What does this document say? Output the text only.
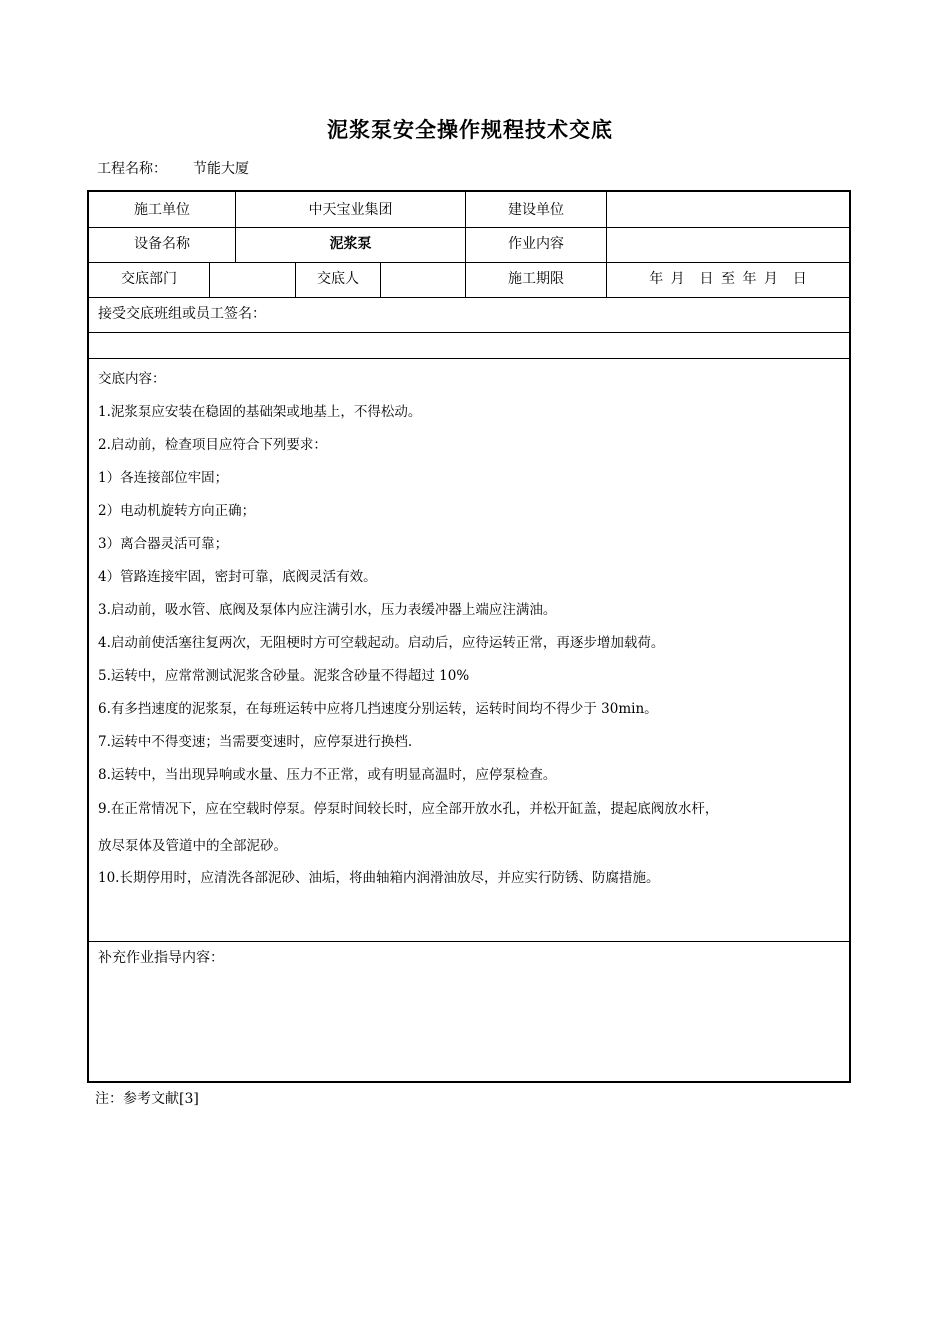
泥浆泵安全操作规程技术交底
工程名称： 节能大厦
施工单位	中天宝业集团	建设单位
设备名称	泥浆泵	作业内容
交底部门	交底人	施工期限	年 月  日 至 年 月  日
接受交底班组或员工签名：
交底内容：
1.泥浆泵应安装在稳固的基础架或地基上，不得松动。
2.启动前，检查项目应符合下列要求：
1）各连接部位牢固；
2）电动机旋转方向正确；
3）离合器灵活可靠；
4）管路连接牢固，密封可靠，底阀灵活有效。
3.启动前，吸水管、底阀及泵体内应注满引水，压力表缓冲器上端应注满油。
4.启动前使活塞往复两次，无阻梗时方可空载起动。启动后，应待运转正常，再逐步增加载荷。
5.运转中，应常常测试泥浆含砂量。泥浆含砂量不得超过 10%
6.有多挡速度的泥浆泵，在每班运转中应将几挡速度分别运转，运转时间均不得少于 30min。
7.运转中不得变速；当需要变速时，应停泵进行换档.
8.运转中，当出现异响或水量、压力不正常，或有明显高温时，应停泵检查。
9.在正常情况下，应在空载时停泵。停泵时间较长时，应全部开放水孔，并松开缸盖，提起底阀放水杆，
放尽泵体及管道中的全部泥砂。
10.长期停用时，应清洗各部泥砂、油垢，将曲轴箱内润滑油放尽，并应实行防锈、防腐措施。
补充作业指导内容：
注：参考文献[3]
